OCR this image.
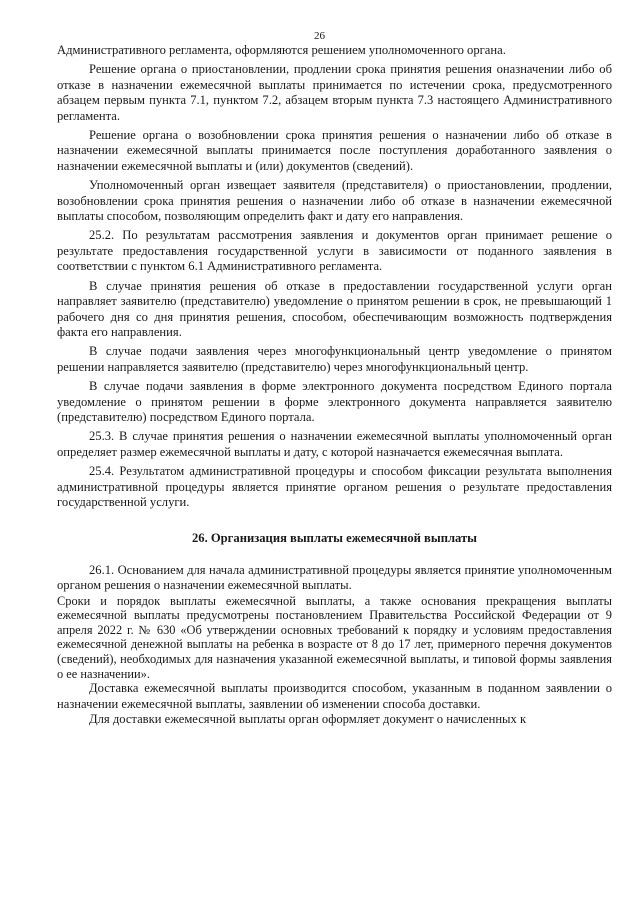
26

Административного регламента, оформляются решением уполномоченного органа.

Решение органа о приостановлении, продлении срока принятия решения оназначении либо об отказе в назначении ежемесячной выплаты принимается по истечении срока, предусмотренного абзацем первым пункта 7.1, пунктом 7.2, абзацем вторым пункта 7.3 настоящего Административного регламента.

Решение органа о возобновлении срока принятия решения о назначении либо об отказе в назначении ежемесячной выплаты принимается после поступления доработанного заявления о назначении ежемесячной выплаты и (или) документов (сведений).

Уполномоченный орган извещает заявителя (представителя) о приостановлении, продлении, возобновлении срока принятия решения о назначении либо об отказе в назначении ежемесячной выплаты способом, позволяющим определить факт и дату его направления.

25.2. По результатам рассмотрения заявления и документов орган принимает решение о результате предоставления государственной услуги в зависимости от поданного заявления в соответствии с пунктом 6.1 Административного регламента.

В случае принятия решения об отказе в предоставлении государственной услуги орган направляет заявителю (представителю) уведомление о принятом решении в срок, не превышающий 1 рабочего дня со дня принятия решения, способом, обеспечивающим возможность подтверждения факта его направления.

В случае подачи заявления через многофункциональный центр уведомление о принятом решении направляется заявителю (представителю) через многофункциональный центр.

В случае подачи заявления в форме электронного документа посредством Единого портала уведомление о принятом решении в форме электронного документа направляется заявителю (представителю) посредством Единого портала.

25.3. В случае принятия решения о назначении ежемесячной выплаты уполномоченный орган определяет размер ежемесячной выплаты и дату, с которой назначается ежемесячная выплата.

25.4. Результатом административной процедуры и способом фиксации результата выполнения административной процедуры является принятие органом решения о результате предоставления государственной услуги.

26. Организация выплаты ежемесячной выплаты

26.1. Основанием для начала административной процедуры является принятие уполномоченным органом решения о назначении ежемесячной выплаты.

Сроки и порядок выплаты ежемесячной выплаты, а также основания прекращения выплаты ежемесячной выплаты предусмотрены постановлением Правительства Российской Федерации от 9 апреля 2022 г. № 630 «Об утверждении основных требований к порядку и условиям предоставления ежемесячной денежной выплаты на ребенка в возрасте от 8 до 17 лет, примерного перечня документов (сведений), необходимых для назначения указанной ежемесячной выплаты, и типовой формы заявления о ее назначении».

Доставка ежемесячной выплаты производится способом, указанным в поданном заявлении о назначении ежемесячной выплаты, заявлении об изменении способа доставки.

Для доставки ежемесячной выплаты орган оформляет документ о начисленных к
